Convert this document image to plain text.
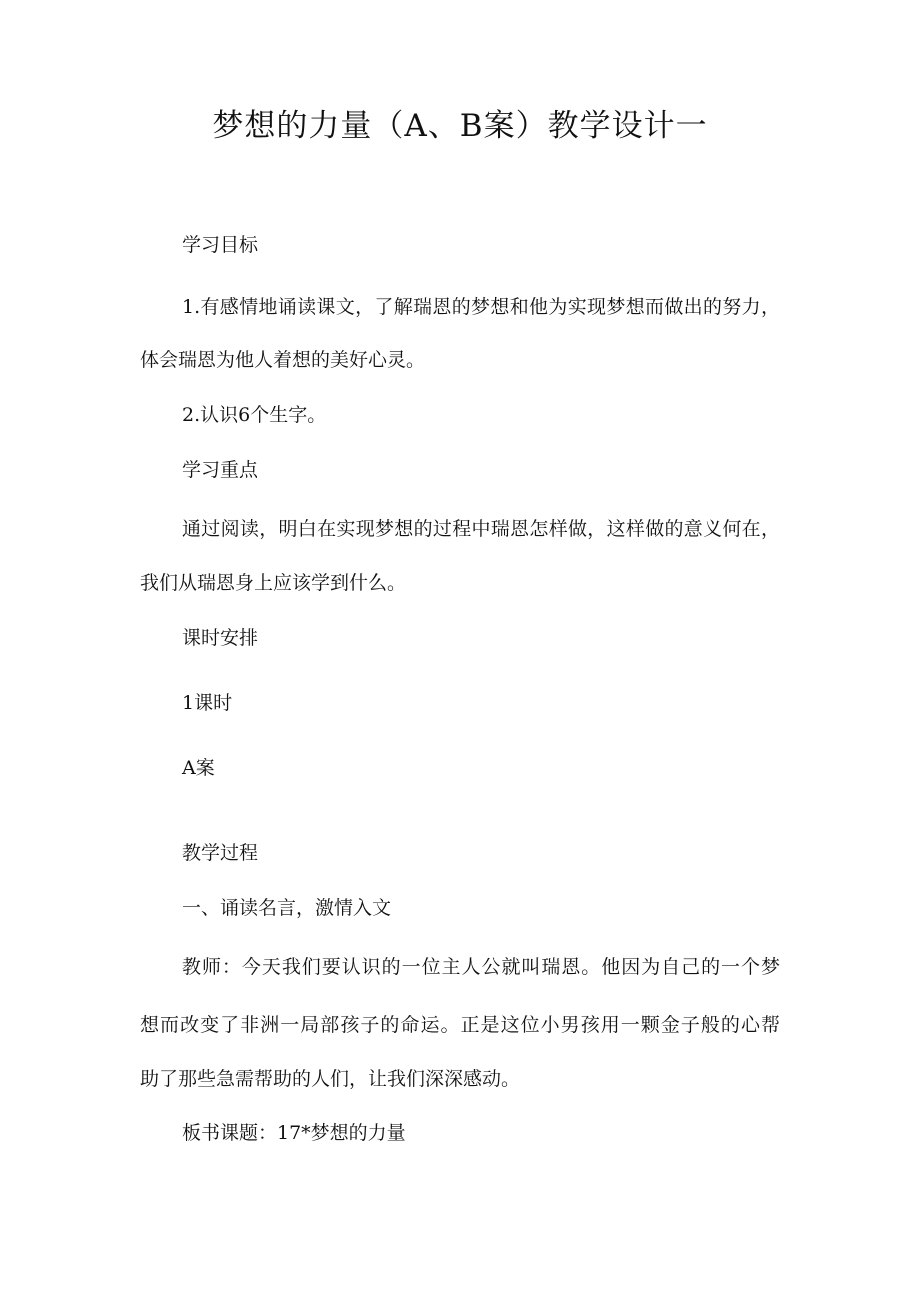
梦想的力量（A、B案）教学设计一

学习目标

1.有感情地诵读课文，了解瑞恩的梦想和他为实现梦想而做出的努力，

体会瑞恩为他人着想的美好心灵。

2.认识6个生字。

学习重点

通过阅读，明白在实现梦想的过程中瑞恩怎样做，这样做的意义何在，

我们从瑞恩身上应该学到什么。

课时安排

1课时

A案

教学过程

一、诵读名言，激情入文

教师：今天我们要认识的一位主人公就叫瑞恩。他因为自己的一个梦

想而改变了非洲一局部孩子的命运。正是这位小男孩用一颗金子般的心帮

助了那些急需帮助的人们，让我们深深感动。

板书课题：17*梦想的力量
